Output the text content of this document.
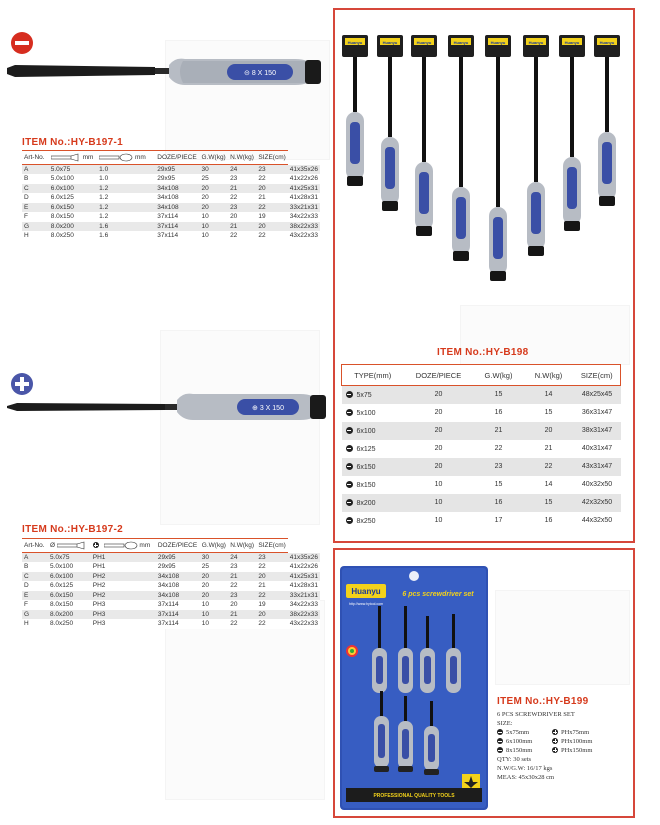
⊝ 8 X 150
ITEM No.:HY-B197-1
Art-No.	mm	mm	DOZE/PIECE	G.W(kg)	N.W(kg)	SIZE(cm)	
A	5.0x75	1.0	29x95	30	24	23	41x35x26
B	5.0x100	1.0	29x95	25	23	22	41x22x26
C	6.0x100	1.2	34x108	20	21	20	41x25x31
D	6.0x125	1.2	34x108	20	22	21	41x28x31
E	6.0x150	1.2	34x108	20	23	22	33x21x31
F	8.0x150	1.2	37x114	10	20	19	34x22x33
G	8.0x200	1.6	37x114	10	21	20	38x22x33
H	8.0x250	1.6	37x114	10	22	22	43x22x33
⊕ 3 X 150
ITEM No.:HY-B197-2
Art-No.	Ø	mm	DOZE/PIECE	G.W(kg)	N.W(kg)	SIZE(cm)	
A	5.0x75	PH1	29x95	30	24	23	41x35x26
B	5.0x100	PH1	29x95	25	23	22	41x22x26
C	6.0x100	PH2	34x108	20	21	20	41x25x31
D	6.0x125	PH2	34x108	20	22	21	41x28x31
E	6.0x150	PH2	34x108	20	23	22	33x21x31
F	8.0x150	PH3	37x114	10	20	19	34x22x33
G	8.0x200	PH3	37x114	10	21	20	38x22x33
H	8.0x250	PH3	37x114	10	22	22	43x22x33
Huanyu	Huanyu	Huanyu	Huanyu	Huanyu	Huanyu	Huanyu	Huanyu
ITEM No.:HY-B198
TYPE(mm)	DOZE/PIECE	G.W(kg)	N.W(kg)	SIZE(cm)
5x75	20	15	14	48x25x45
5x100	20	16	15	36x31x47
6x100	20	21	20	38x31x47
6x125	20	22	21	40x31x47
6x150	20	23	22	43x31x47
8x150	10	15	14	40x32x50
8x200	10	16	15	42x32x50
8x250	10	17	16	44x32x50
Huanyu	6 pcs screwdriver set
http://www.hytool.com
PROFESSIONAL QUALITY TOOLS
ITEM No.:HY-B199
6 PCS SCREWDRIVER SET
SIZE:
5x75mm
6x100mm
8x150mm
PHx75mm
PHx100mm
PHx150mm
QTY: 30 sets
N.W/G.W: 16/17 kgs
MEAS: 45x30x28 cm
